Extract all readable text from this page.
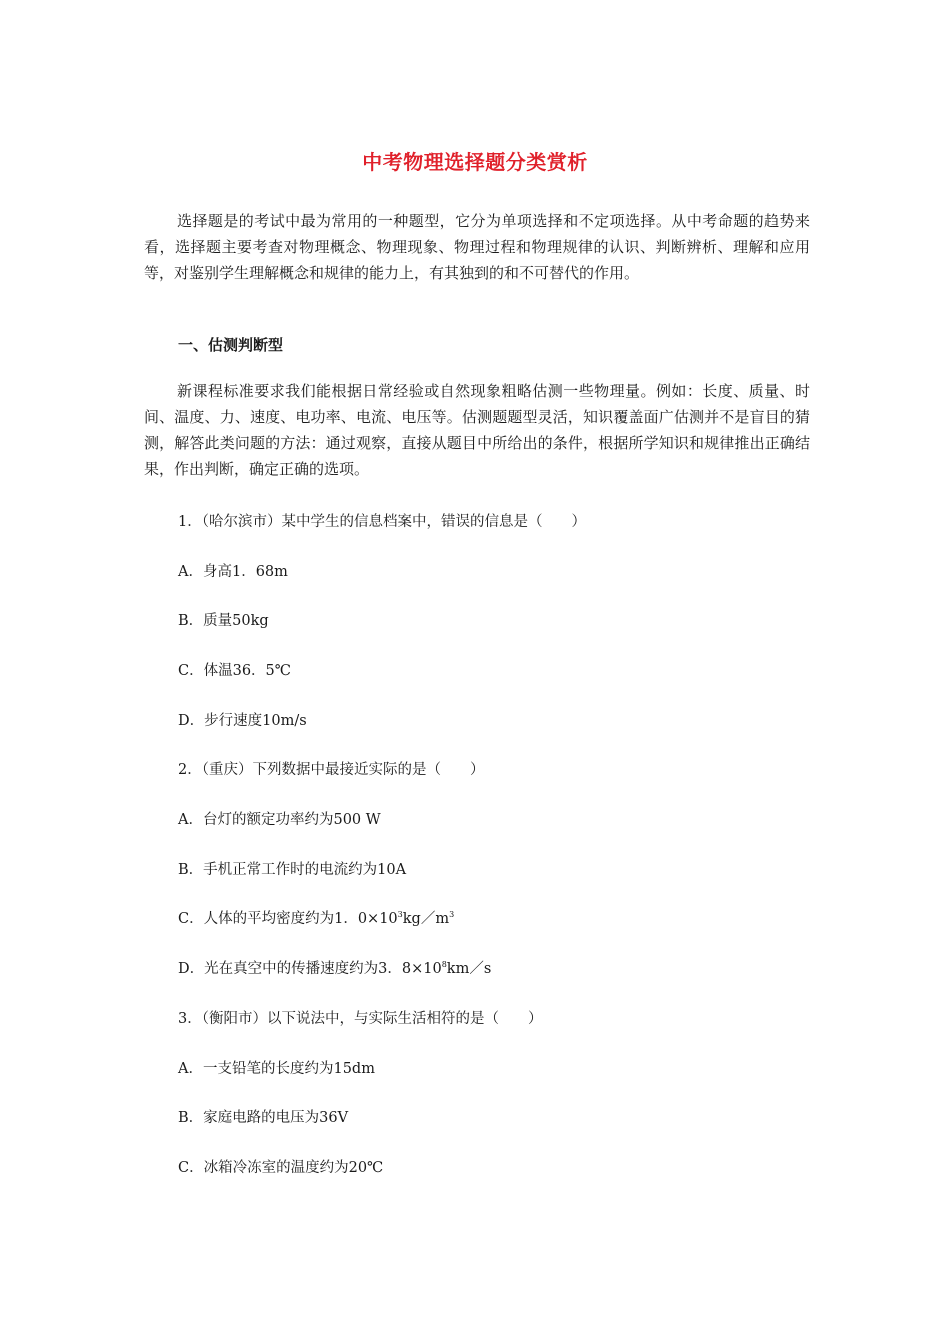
中考物理选择题分类赏析

选择题是的考试中最为常用的一种题型，它分为单项选择和不定项选择。从中考命题的趋势来看，选择题主要考查对物理概念、物理现象、物理过程和物理规律的认识、判断辨析、理解和应用等，对鉴别学生理解概念和规律的能力上，有其独到的和不可替代的作用。

一、估测判断型

新课程标准要求我们能根据日常经验或自然现象粗略估测一些物理量。例如：长度、质量、时间、温度、力、速度、电功率、电流、电压等。估测题题型灵活，知识覆盖面广估测并不是盲目的猜测，解答此类问题的方法：通过观察，直接从题目中所给出的条件，根据所学知识和规律推出正确结果，作出判断，确定正确的选项。

1．（哈尔滨市）某中学生的信息档案中，错误的信息是（　　）
A．身高1．68m
B．质量50kg
C．体温36．5℃
D．步行速度10m/s
2．（重庆）下列数据中最接近实际的是（　　）
A．台灯的额定功率约为500 W
B．手机正常工作时的电流约为10A
C．人体的平均密度约为1．$0\times 10^3kg/m^3$
D．光在真空中的传播速度约为3．$8\times 10^8km/s$
3．（衡阳市）以下说法中，与实际生活相符的是（　　）
A．一支铅笔的长度约为15dm
B．家庭电路的电压为36V
C．冰箱冷冻室的温度约为20℃
